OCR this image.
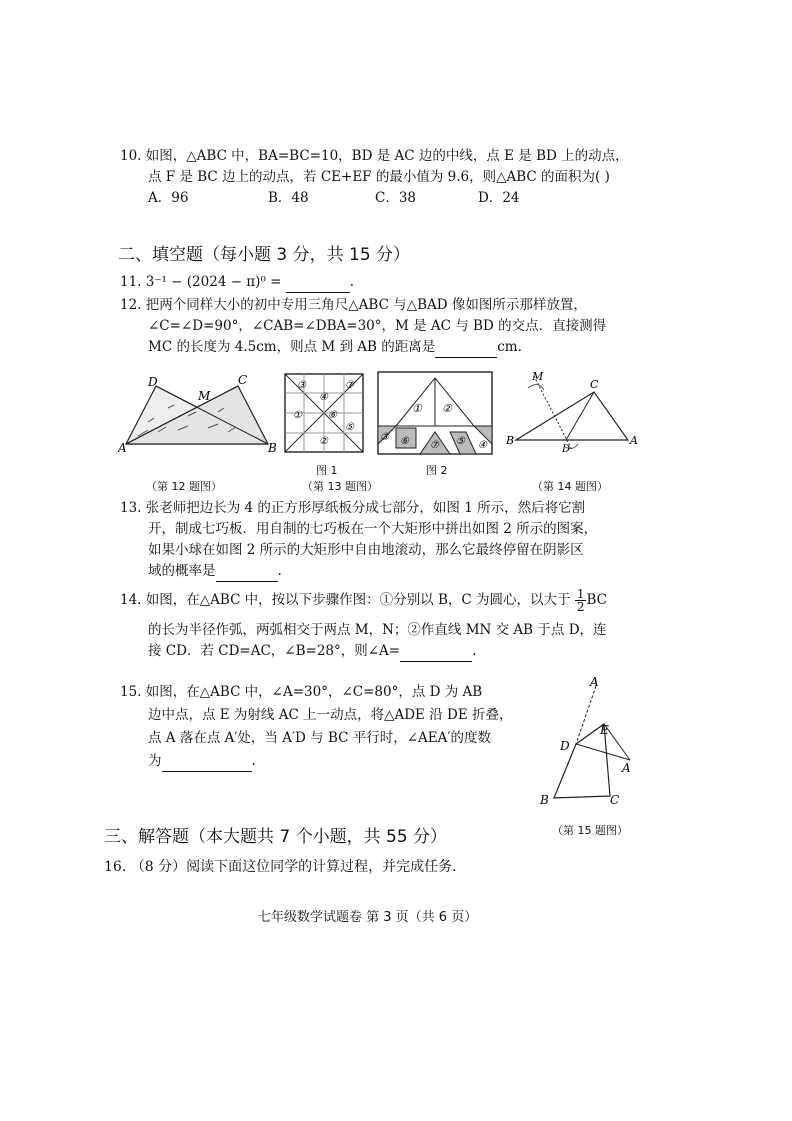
10. 如图，△ABC 中，BA=BC=10，BD 是 AC 边的中线，点 E 是 BD 上的动点，
点 F 是 BC 边上的动点，若 CE+EF 的最小值为 9.6，则△ABC 的面积为( )
A．96	B．48	C．38	D．24
二、填空题（每小题 3 分，共 15 分）
11. 3⁻¹ − (2024 − π)⁰ =	.
12. 把两个同样大小的初中专用三角尺△ABC 与△BAD 像如图所示那样放置，
∠C=∠D=90°，∠CAB=∠DBA=30°，M 是 AC 与 BD 的交点．直接测得
MC 的长度为 4.5cm，则点 M 到 AB 的距离是	cm.
D
M
C
A	B
③
④
⑦
①	⑥
⑤
②
① ②
③ ⑥ ⑦ ⑤ ④
图 1	图 2
M
C
D
B	A
（第 12 题图）	（第 13 题图）	（第 14 题图）
13. 张老师把边长为 4 的正方形厚纸板分成七部分，如图 1 所示，然后将它割
开，制成七巧板．用自制的七巧板在一个大矩形中拼出如图 2 所示的图案，
如果小球在如图 2 所示的大矩形中自由地滚动，那么它最终停留在阴影区
域的概率是	.
14. 如图，在△ABC 中，按以下步骤作图：①分别以 B，C 为圆心，以大于 $\frac{1}{2}$ BC
的长为半径作弧，两弧相交于两点 M，N；②作直线 MN 交 AB 于点 D，连
接 CD．若 CD=AC，∠B=28°，则∠A=	.
15. 如图，在△ABC 中，∠A=30°，∠C=80°，点 D 为 AB
边中点，点 E 为射线 AC 上一动点，将△ADE 沿 DE 折叠，
点 A 落在点 A′处，当 A′D 与 BC 平行时，∠AEA′的度数
为	.
A
E
D
A
B	C
（第 15 题图）
三、解答题（本大题共 7 个小题，共 55 分）
16. （8 分）阅读下面这位同学的计算过程，并完成任务．
七年级数学试题卷 第 3 页（共 6 页）
